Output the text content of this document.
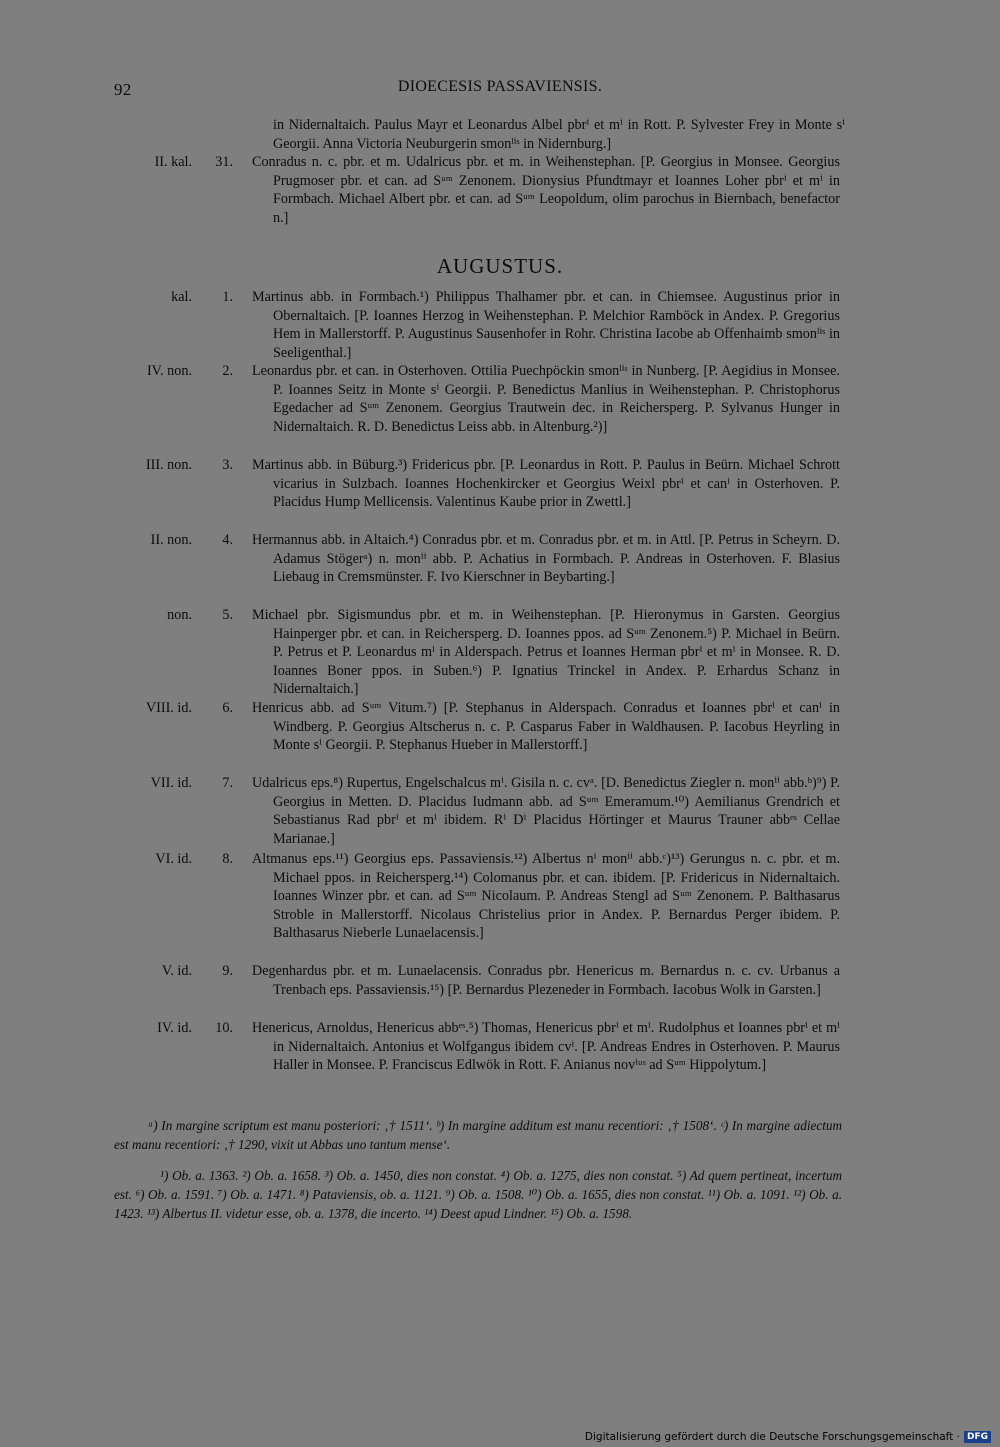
92	DIOECESIS PASSAVIENSIS.
in Nidernaltaich. Paulus Mayr et Leonardus Albel pbrⁱ et mⁱ in Rott. P. Sylvester Frey in Monte sⁱ Georgii. Anna Victoria Neuburgerin smonˡⁱˢ in Nidernburg.]
II. kal. 31. Conradus n. c. pbr. et m. Udalricus pbr. et m. in Weihenstephan. [P. Georgius in Monsee. Georgius Prugmoser pbr. et can. ad Sᵘᵐ Zenonem. Dionysius Pfundtmayr et Ioannes Loher pbrⁱ et mⁱ in Formbach. Michael Albert pbr. et can. ad Sᵘᵐ Leopoldum, olim parochus in Biernbach, benefactor n.]
AUGUSTUS.
kal. 1. Martinus abb. in Formbach.¹) Philippus Thalhamer pbr. et can. in Chiemsee. Augustinus prior in Obernaltaich. [P. Ioannes Herzog in Weihenstephan. P. Melchior Ramböck in Andex. P. Gregorius Hem in Mallerstorff. P. Augustinus Sausenhofer in Rohr. Christina Iacobe ab Offenhaimb smonˡⁱˢ in Seeligenthal.]
IV. non. 2. Leonardus pbr. et can. in Osterhoven. Ottilia Puechpöckin smonˡⁱˢ in Nunberg. [P. Aegidius in Monsee. P. Ioannes Seitz in Monte sⁱ Georgii. P. Benedictus Manlius in Weihenstephan. P. Christophorus Egedacher ad Sᵘᵐ Zenonem. Georgius Trautwein dec. in Reichersperg. P. Sylvanus Hunger in Nidernaltaich. R. D. Benedictus Leiss abb. in Altenburg.²)]
III. non. 3. Martinus abb. in Büburg.³) Fridericus pbr. [P. Leonardus in Rott. P. Paulus in Beürn. Michael Schrott vicarius in Sulzbach. Ioannes Hochenkircker et Georgius Weixl pbrⁱ et canⁱ in Osterhoven. P. Placidus Hump Mellicensis. Valentinus Kaube prior in Zwettl.]
II. non. 4. Hermannus abb. in Altaich.⁴) Conradus pbr. et m. Conradus pbr. et m. in Attl. [P. Petrus in Scheyrn. D. Adamus Stögerᵃ) n. monⁱⁱ abb. P. Achatius in Formbach. P. Andreas in Osterhoven. F. Blasius Liebaug in Cremsmünster. F. Ivo Kierschner in Beybarting.]
non. 5. Michael pbr. Sigismundus pbr. et m. in Weihenstephan. [P. Hieronymus in Garsten. Georgius Hainperger pbr. et can. in Reichersperg. D. Ioannes ppos. ad Sᵘᵐ Zenonem.⁵) P. Michael in Beürn. P. Petrus et P. Leonardus mⁱ in Alderspach. Petrus et Ioannes Herman pbrⁱ et mⁱ in Monsee. R. D. Ioannes Boner ppos. in Suben.⁶) P. Ignatius Trinckel in Andex. P. Erhardus Schanz in Nidernaltaich.]
VIII. id. 6. Henricus abb. ad Sᵘᵐ Vitum.⁷) [P. Stephanus in Alderspach. Conradus et Ioannes pbrⁱ et canⁱ in Windberg. P. Georgius Altscherus n. c. P. Casparus Faber in Waldhausen. P. Iacobus Heyrling in Monte sⁱ Georgii. P. Stephanus Hueber in Mallerstorff.]
VII. id. 7. Udalricus eps.⁸) Rupertus, Engelschalcus mⁱ. Gisila n. c. cvᵃ. [D. Benedictus Ziegler n. monⁱⁱ abb.ᵇ)⁹) P. Georgius in Metten. D. Placidus Iudmann abb. ad Sᵘᵐ Emeramum.¹⁰) Aemilianus Grendrich et Sebastianus Rad pbrⁱ et mⁱ ibidem. Rⁱ Dⁱ Placidus Hörtinger et Maurus Trauner abbᵉˢ Cellae Marianae.]
VI. id. 8. Altmanus eps.¹¹) Georgius eps. Passaviensis.¹²) Albertus nⁱ monⁱⁱ abb.ᶜ)¹³) Gerungus n. c. pbr. et m. Michael ppos. in Reichersperg.¹⁴) Colomanus pbr. et can. ibidem. [P. Fridericus in Nidernaltaich. Ioannes Winzer pbr. et can. ad Sᵘᵐ Nicolaum. P. Andreas Stengl ad Sᵘᵐ Zenonem. P. Balthasarus Stroble in Mallerstorff. Nicolaus Christelius prior in Andex. P. Bernardus Perger ibidem. P. Balthasarus Nieberle Lunaelacensis.]
V. id. 9. Degenhardus pbr. et m. Lunaelacensis. Conradus pbr. Henericus m. Bernardus n. c. cv. Urbanus a Trenbach eps. Passaviensis.¹⁵) [P. Bernardus Plezeneder in Formbach. Iacobus Wolk in Garsten.]
IV. id. 10. Henericus, Arnoldus, Henericus abbᵉˢ.⁵) Thomas, Henericus pbrⁱ et mⁱ. Rudolphus et Ioannes pbrⁱ et mⁱ in Nidernaltaich. Antonius et Wolfgangus ibidem cvⁱ. [P. Andreas Endres in Osterhoven. P. Maurus Haller in Monsee. P. Franciscus Edlwök in Rott. F. Anianus novⁱᵘˢ ad Sᵘᵐ Hippolytum.]
ᵃ) In margine scriptum est manu posteriori: ‚† 1511‘. ᵇ) In margine additum est manu recentiori: ‚† 1508‘. ᶜ) In margine adiectum est manu recentiori: ‚† 1290, vixit ut Abbas uno tantum mense‘.
¹) Ob. a. 1363. ²) Ob. a. 1658. ³) Ob. a. 1450, dies non constat. ⁴) Ob. a. 1275, dies non constat. ⁵) Ad quem pertineat, incertum est. ⁶) Ob. a. 1591. ⁷) Ob. a. 1471. ⁸) Pataviensis, ob. a. 1121. ⁹) Ob. a. 1508. ¹⁰) Ob. a. 1655, dies non constat. ¹¹) Ob. a. 1091. ¹²) Ob. a. 1423. ¹³) Albertus II. videtur esse, ob. a. 1378, die incerto. ¹⁴) Deest apud Lindner. ¹⁵) Ob. a. 1598.
Digitalisierung gefördert durch die Deutsche Forschungsgemeinschaft · DFG
